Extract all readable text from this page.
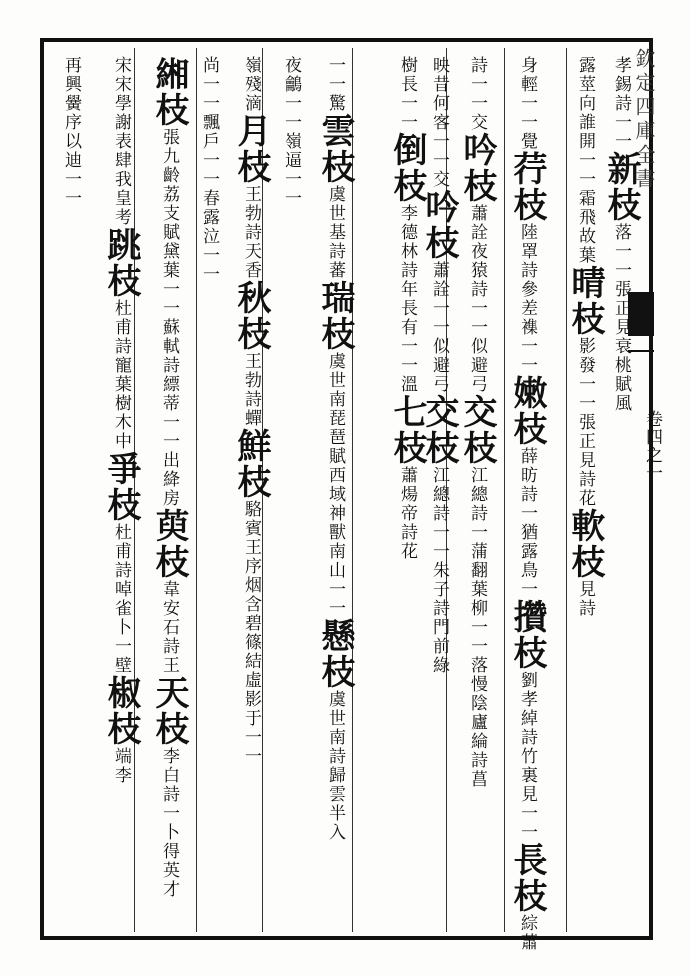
欽定四庫全書
卷四之一
孝錫詩一一新枝落一一張正見衰桃賦風
露莖向誰開一一霜飛故葉晴枝影發一一張正見詩花軟枝見詩
身輕一一覺荇枝陸罩詩參差襍一一嫩枝薛昉詩一猶露鳥一攢枝劉孝綽詩竹裏見一一長枝綜蕭
詩一一交吟枝蕭詮夜猿詩一一似避弓交枝江總詩一蒲翻葉柳一一落慢陰廬綸詩菖
映昔何客一一交吟枝蕭詮一一似避弓交枝江總詩一一朱子詩門前綠
樹長一一倒枝李德林詩年長有一一溫七枝蕭煬帝詩花
一一驚雲枝虞世基詩蕃瑞枝虞世南琵琶賦西域神獸南山一一懸枝虞世南詩歸雲半入
夜鸙一一嶺逼一一
嶺殘滴月枝王勃詩天香秋枝王勃詩蟬鮮枝駱賓王序烟含碧篠結虛影于一一
尚一一飄戶一一春露泣一一
緗枝張九齡荔支賦黛葉一一蘇軾詩縹蒂一一出絳房萸枝韋安石詩王天枝李白詩一卜得英才
宋宋學謝表肆我皇考跳枝杜甫詩寵葉樹木中爭枝杜甫詩啅雀卜一壁椒枝端李
再興黌序以迪一一
